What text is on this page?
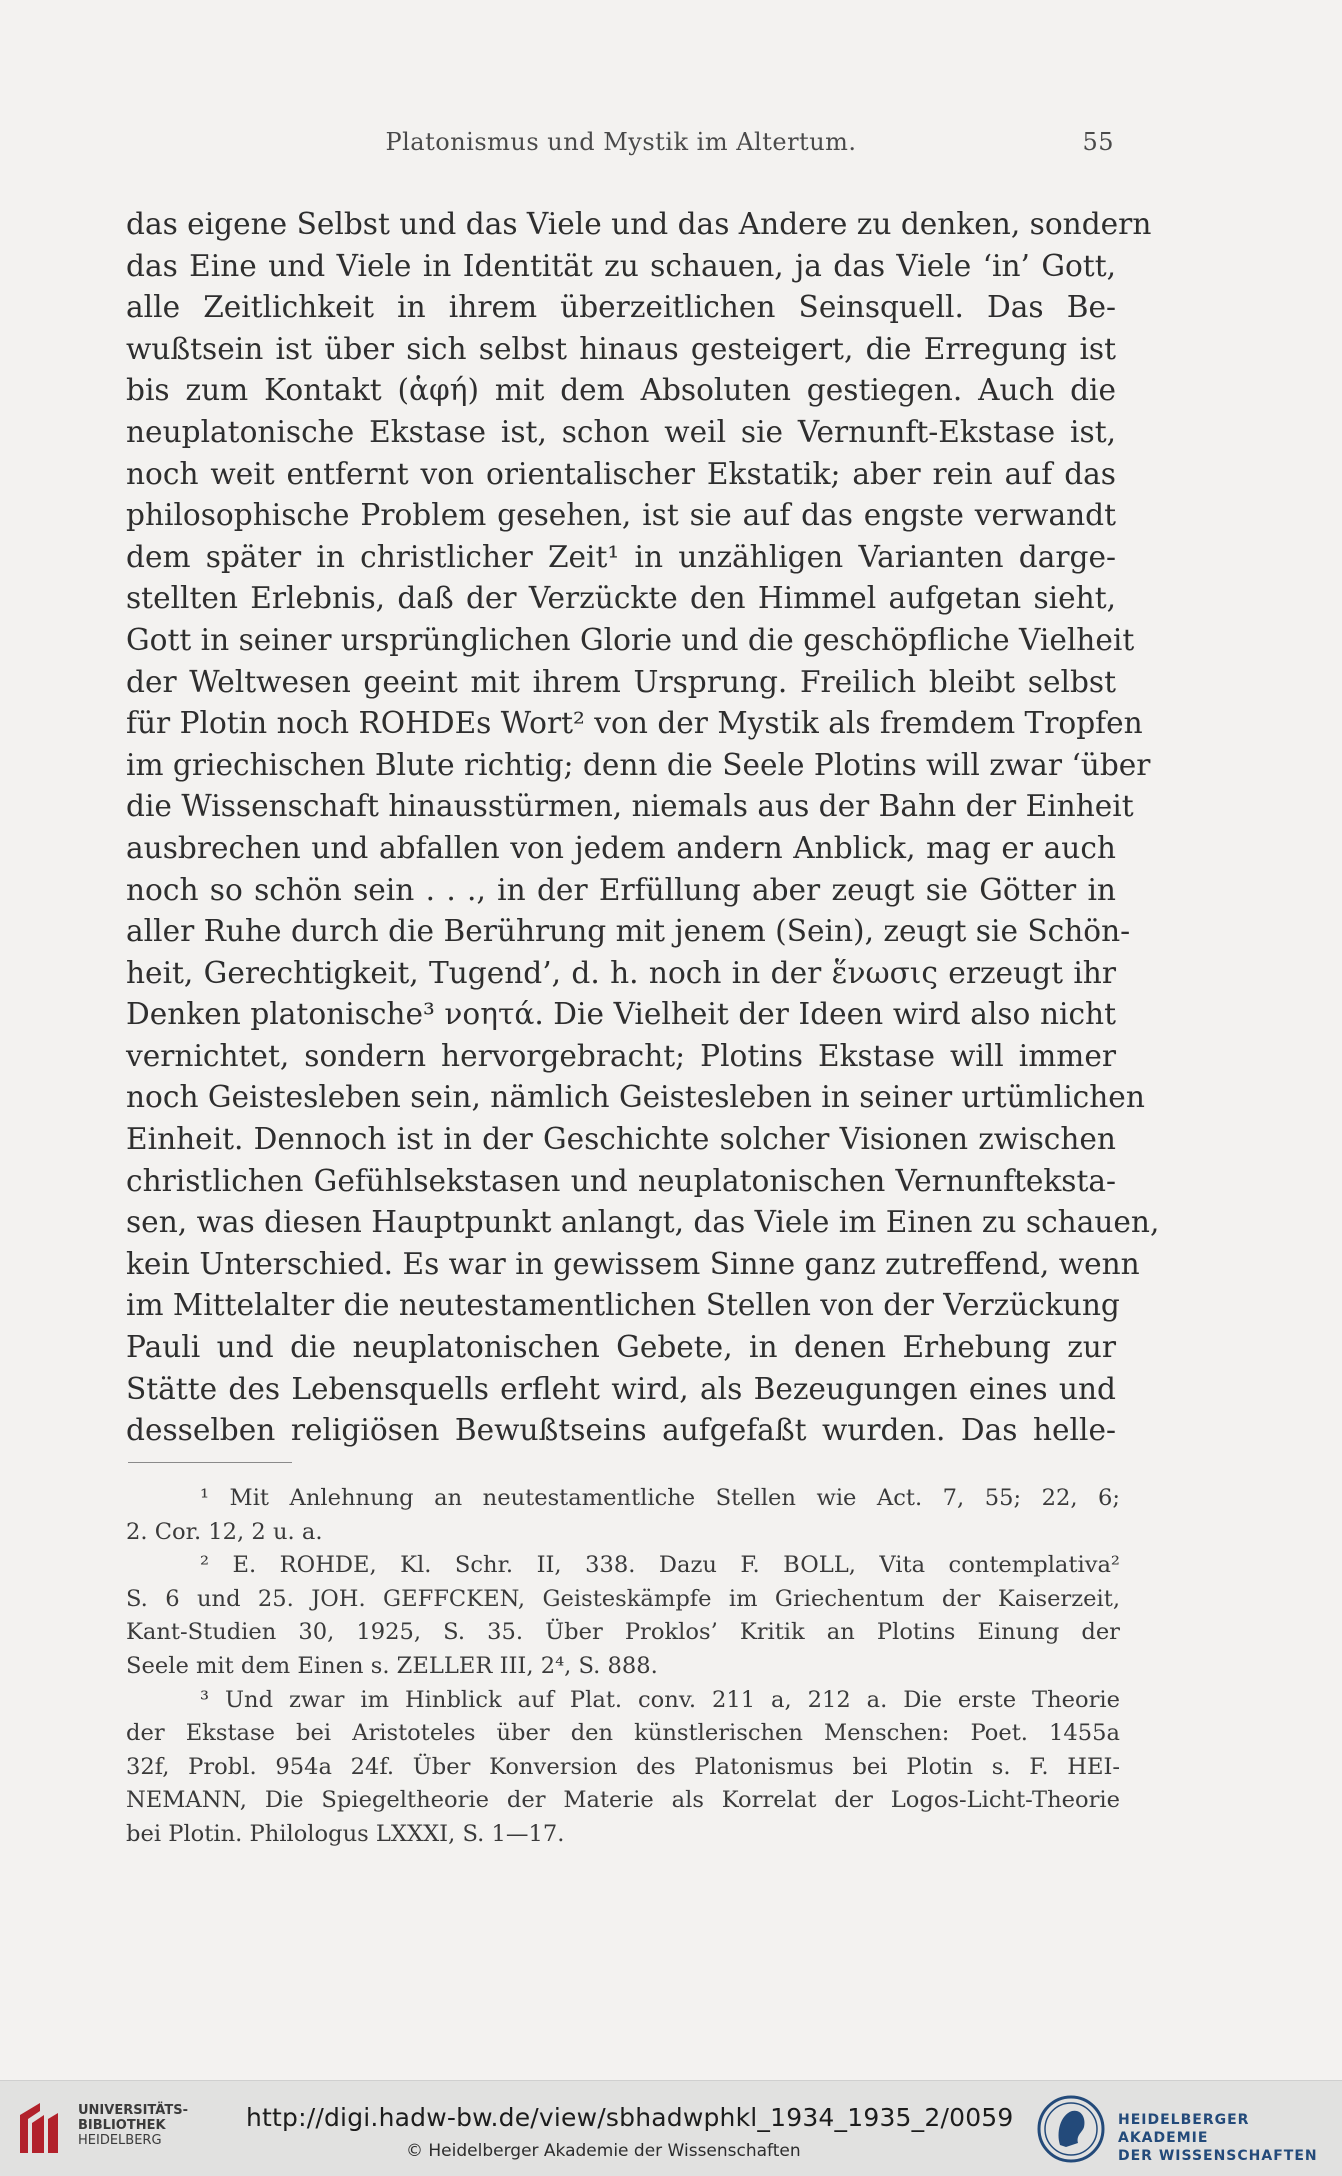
Platonismus und Mystik im Altertum.	55
das eigene Selbst und das Viele und das Andere zu denken, sondern
das Eine und Viele in Identität zu schauen, ja das Viele ‘in’ Gott,
alle Zeitlichkeit in ihrem überzeitlichen Seinsquell. Das Be-
wußtsein ist über sich selbst hinaus gesteigert, die Erregung ist
bis zum Kontakt (ἁφή) mit dem Absoluten gestiegen. Auch die
neuplatonische Ekstase ist, schon weil sie Vernunft-Ekstase ist,
noch weit entfernt von orientalischer Ekstatik; aber rein auf das
philosophische Problem gesehen, ist sie auf das engste verwandt
dem später in christlicher Zeit¹ in unzähligen Varianten darge-
stellten Erlebnis, daß der Verzückte den Himmel aufgetan sieht,
Gott in seiner ursprünglichen Glorie und die geschöpfliche Vielheit
der Weltwesen geeint mit ihrem Ursprung. Freilich bleibt selbst
für Plotin noch ROHDEs Wort² von der Mystik als fremdem Tropfen
im griechischen Blute richtig; denn die Seele Plotins will zwar ‘über
die Wissenschaft hinausstürmen, niemals aus der Bahn der Einheit
ausbrechen und abfallen von jedem andern Anblick, mag er auch
noch so schön sein . . ., in der Erfüllung aber zeugt sie Götter in
aller Ruhe durch die Berührung mit jenem (Sein), zeugt sie Schön-
heit, Gerechtigkeit, Tugend’, d. h. noch in der ἕνωσις erzeugt ihr
Denken platonische³ νοητά. Die Vielheit der Ideen wird also nicht
vernichtet, sondern hervorgebracht; Plotins Ekstase will immer
noch Geistesleben sein, nämlich Geistesleben in seiner urtümlichen
Einheit. Dennoch ist in der Geschichte solcher Visionen zwischen
christlichen Gefühlsekstasen und neuplatonischen Vernunfteksta-
sen, was diesen Hauptpunkt anlangt, das Viele im Einen zu schauen,
kein Unterschied. Es war in gewissem Sinne ganz zutreffend, wenn
im Mittelalter die neutestamentlichen Stellen von der Verzückung
Pauli und die neuplatonischen Gebete, in denen Erhebung zur
Stätte des Lebensquells erfleht wird, als Bezeugungen eines und
desselben religiösen Bewußtseins aufgefaßt wurden. Das helle-
¹ Mit Anlehnung an neutestamentliche Stellen wie Act. 7, 55; 22, 6;
2. Cor. 12, 2 u. a.
² E. ROHDE, Kl. Schr. II, 338. Dazu F. BOLL, Vita contemplativa²
S. 6 und 25. JOH. GEFFCKEN, Geisteskämpfe im Griechentum der Kaiserzeit,
Kant-Studien 30, 1925, S. 35. Über Proklos’ Kritik an Plotins Einung der
Seele mit dem Einen s. ZELLER III, 2⁴, S. 888.
³ Und zwar im Hinblick auf Plat. conv. 211 a, 212 a. Die erste Theorie
der Ekstase bei Aristoteles über den künstlerischen Menschen: Poet. 1455a
32f, Probl. 954a 24f. Über Konversion des Platonismus bei Plotin s. F. HEI-
NEMANN, Die Spiegeltheorie der Materie als Korrelat der Logos-Licht-Theorie
bei Plotin. Philologus LXXXI, S. 1—17.
UNIVERSITÄTS-
BIBLIOTHEK
HEIDELBERG
http://digi.hadw-bw.de/view/sbhadwphkl_1934_1935_2/0059
© Heidelberger Akademie der Wissenschaften
HEIDELBERGER AKADEMIE
DER WISSENSCHAFTEN
